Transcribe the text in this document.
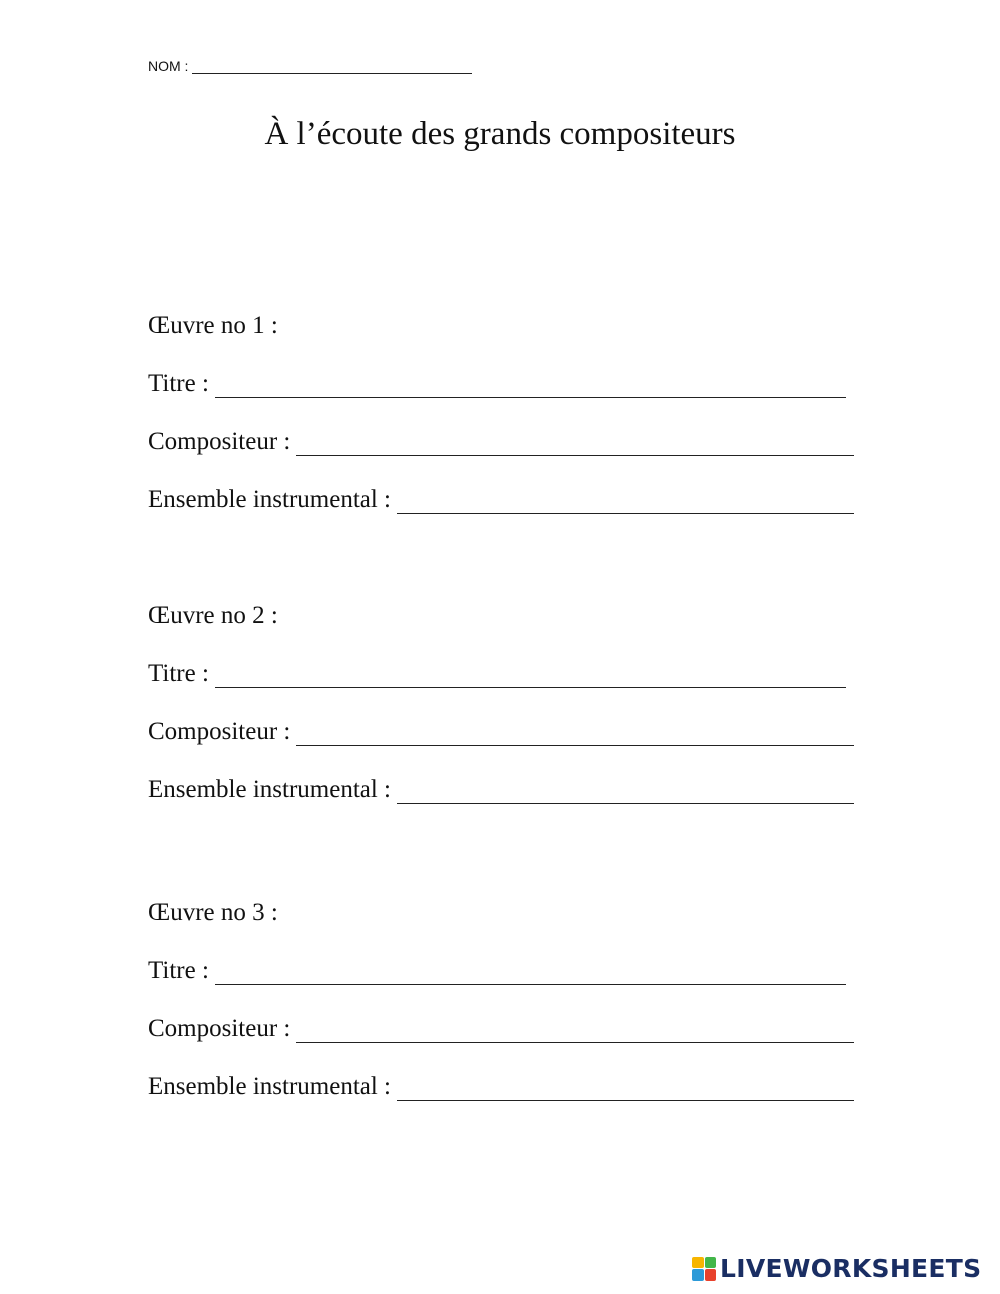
NOM :
À l’écoute des grands compositeurs
Œuvre no 1 :
Titre :
Compositeur :
Ensemble instrumental :
Œuvre no 2 :
Titre :
Compositeur :
Ensemble instrumental :
Œuvre no 3 :
Titre :
Compositeur :
Ensemble instrumental :
LIVEWORKSHEETS
